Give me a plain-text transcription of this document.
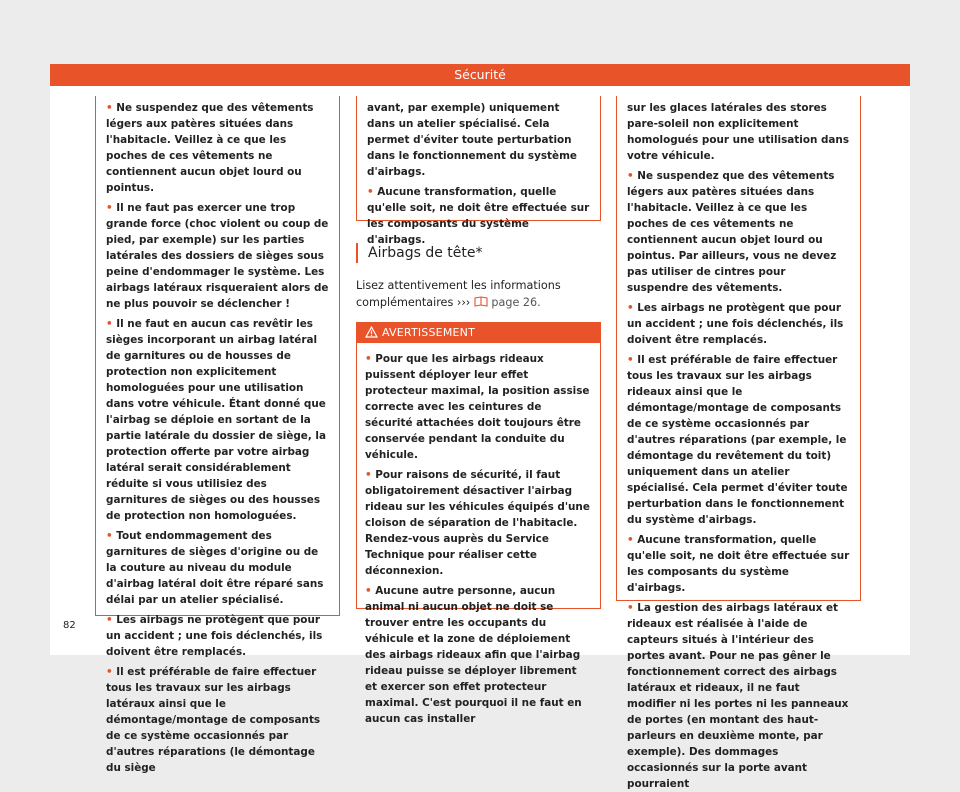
Sécurité

• Ne suspendez que des vêtements légers aux patères situées dans l'habitacle. Veillez à ce que les poches de ces vêtements ne contiennent aucun objet lourd ou pointus.

• Il ne faut pas exercer une trop grande force (choc violent ou coup de pied, par exemple) sur les parties latérales des dossiers de sièges sous peine d'endommager le système. Les airbags latéraux risqueraient alors de ne plus pouvoir se déclencher !

• Il ne faut en aucun cas revêtir les sièges incorporant un airbag latéral de garnitures ou de housses de protection non explicitement homologuées pour une utilisation dans votre véhicule. Étant donné que l'airbag se déploie en sortant de la partie latérale du dossier de siège, la protection offerte par votre airbag latéral serait considérablement réduite si vous utilisiez des garnitures de sièges ou des housses de protection non homologuées.

• Tout endommagement des garnitures de sièges d'origine ou de la couture au niveau du module d'airbag latéral doit être réparé sans délai par un atelier spécialisé.

• Les airbags ne protègent que pour un accident ; une fois déclenchés, ils doivent être remplacés.

• Il est préférable de faire effectuer tous les travaux sur les airbags latéraux ainsi que le démontage/montage de composants de ce système occasionnés par d'autres réparations (le démontage du siège

avant, par exemple) uniquement dans un atelier spécialisé. Cela permet d'éviter toute perturbation dans le fonctionnement du système d'airbags.

• Aucune transformation, quelle qu'elle soit, ne doit être effectuée sur les composants du système d'airbags.

Airbags de tête*

Lisez attentivement les informations complémentaires ››› page 26.

AVERTISSEMENT

• Pour que les airbags rideaux puissent déployer leur effet protecteur maximal, la position assise correcte avec les ceintures de sécurité attachées doit toujours être conservée pendant la conduite du véhicule.

• Pour raisons de sécurité, il faut obligatoirement désactiver l'airbag rideau sur les véhicules équipés d'une cloison de séparation de l'habitacle. Rendez-vous auprès du Service Technique pour réaliser cette déconnexion.

• Aucune autre personne, aucun animal ni aucun objet ne doit se trouver entre les occupants du véhicule et la zone de déploiement des airbags rideaux afin que l'airbag rideau puisse se déployer librement et exercer son effet protecteur maximal. C'est pourquoi il ne faut en aucun cas installer

sur les glaces latérales des stores pare-soleil non explicitement homologués pour une utilisation dans votre véhicule.

• Ne suspendez que des vêtements légers aux patères situées dans l'habitacle. Veillez à ce que les poches de ces vêtements ne contiennent aucun objet lourd ou pointus. Par ailleurs, vous ne devez pas utiliser de cintres pour suspendre des vêtements.

• Les airbags ne protègent que pour un accident ; une fois déclenchés, ils doivent être remplacés.

• Il est préférable de faire effectuer tous les travaux sur les airbags rideaux ainsi que le démontage/montage de composants de ce système occasionnés par d'autres réparations (par exemple, le démontage du revêtement du toit) uniquement dans un atelier spécialisé. Cela permet d'éviter toute perturbation dans le fonctionnement du système d'airbags.

• Aucune transformation, quelle qu'elle soit, ne doit être effectuée sur les composants du système d'airbags.

• La gestion des airbags latéraux et rideaux est réalisée à l'aide de capteurs situés à l'intérieur des portes avant. Pour ne pas gêner le fonctionnement correct des airbags latéraux et rideaux, il ne faut modifier ni les portes ni les panneaux de portes (en montant des haut-parleurs en deuxième monte, par exemple). Des dommages occasionnés sur la porte avant pourraient

82
